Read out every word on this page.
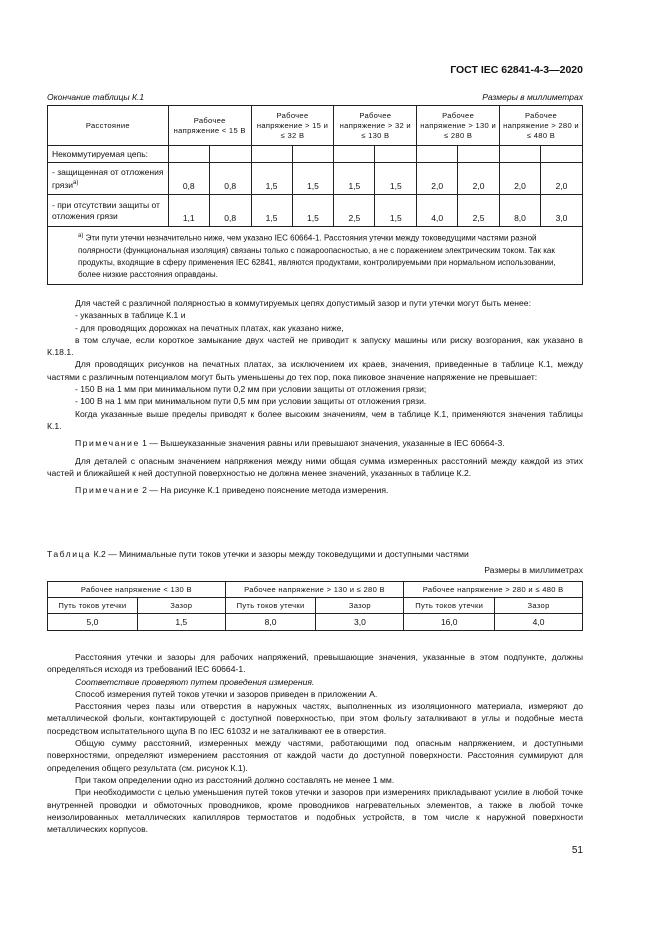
ГОСТ IEC 62841-4-3—2020
Окончание таблицы К.1	Размеры в миллиметрах
Расстояние	Рабочее напряжение < 15 В		Рабочее напряжение > 15 и ≤ 32 В		Рабочее напряжение > 32 и ≤ 130 В		Рабочее напряжение > 130 и ≤ 280 В		Рабочее напряжение > 280 и ≤ 480 В	
Некоммутируемая цепь:										
- защищенная от отложения грязи$^{а)}$	0,8	0,8	1,5	1,5	1,5	1,5	2,0	2,0	2,0	2,0
- при отсутствии защиты от отложения грязи	1,1	0,8	1,5	1,5	2,5	1,5	4,0	2,5	8,0	3,0
$^{а)}$ Эти пути утечки незначительно ниже, чем указано IEC 60664-1. Расстояния утечки между токоведущими частями разной полярности (функциональная изоляция) связаны только с пожароопасностью, а не с поражением электрическим током. Так как продукты, входящие в сферу применения IEC 62841, являются продуктами, контролируемыми при нормальном использовании, более низкие расстояния оправданы.										

Для частей с различной полярностью в коммутируемых цепях допустимый зазор и пути утечки могут быть менее:

- указанных в таблице К.1 и

- для проводящих дорожках на печатных платах, как указано ниже,

в том случае, если короткое замыкание двух частей не приводит к запуску машины или риску возгорания, как указано в К.18.1.

Для проводящих рисунков на печатных платах, за исключением их краев, значения, приведенные в таблице К.1, между частями с различным потенциалом могут быть уменьшены до тех пор, пока пиковое значение напряжение не превышает:

- 150 В на 1 мм при минимальном пути 0,2 мм при условии защиты от отложения грязи;

- 100 В на 1 мм при минимальном пути 0,5 мм при условии защиты от отложения грязи.

Когда указанные выше пределы приводят к более высоким значениям, чем в таблице К.1, применяются значения таблицы К.1.

Примечание 1 — Вышеуказанные значения равны или превышают значения, указанные в IEC 60664-3.

Для деталей с опасным значением напряжения между ними общая сумма измеренных расстояний между каждой из этих частей и ближайшей к ней доступной поверхностью не должна менее значений, указанных в таблице К.2.

Примечание 2 — На рисунке К.1 приведено пояснение метода измерения.

Таблица К.2 — Минимальные пути токов утечки и зазоры между токоведущими и доступными частями

Размеры в миллиметрах
Рабочее напряжение < 130 В		Рабочее напряжение > 130 и ≤ 280 В		Рабочее напряжение > 280 и ≤ 480 В	
Путь токов утечки	Зазор	Путь токов утечки	Зазор	Путь токов утечки	Зазор
5,0	1,5	8,0	3,0	16,0	4,0

Расстояния утечки и зазоры для рабочих напряжений, превышающие значения, указанные в этом подпункте, должны определяться исходя из требований IEC 60664-1.

Соответствие проверяют путем проведения измерения.

Способ измерения путей токов утечки и зазоров приведен в приложении А.

Расстояния через пазы или отверстия в наружных частях, выполненных из изоляционного материала, измеряют до металлической фольги, контактирующей с доступной поверхностью, при этом фольгу заталкивают в углы и подобные места посредством испытательного щупа В по IEC 61032 и не заталкивают ее в отверстия.

Общую сумму расстояний, измеренных между частями, работающими под опасным напряжением, и доступными поверхностями, определяют измерением расстояния от каждой части до доступной поверхности. Расстояния суммируют для определения общего результата (см. рисунок К.1).

При таком определении одно из расстояний должно составлять не менее 1 мм.

При необходимости с целью уменьшения путей токов утечки и зазоров при измерениях прикладывают усилие в любой точке внутренней проводки и обмоточных проводников, кроме проводников нагревательных элементов, а также в любой точке неизолированных металлических капилляров термостатов и подобных устройств, в том числе к наружной поверхности металлических корпусов.

51
